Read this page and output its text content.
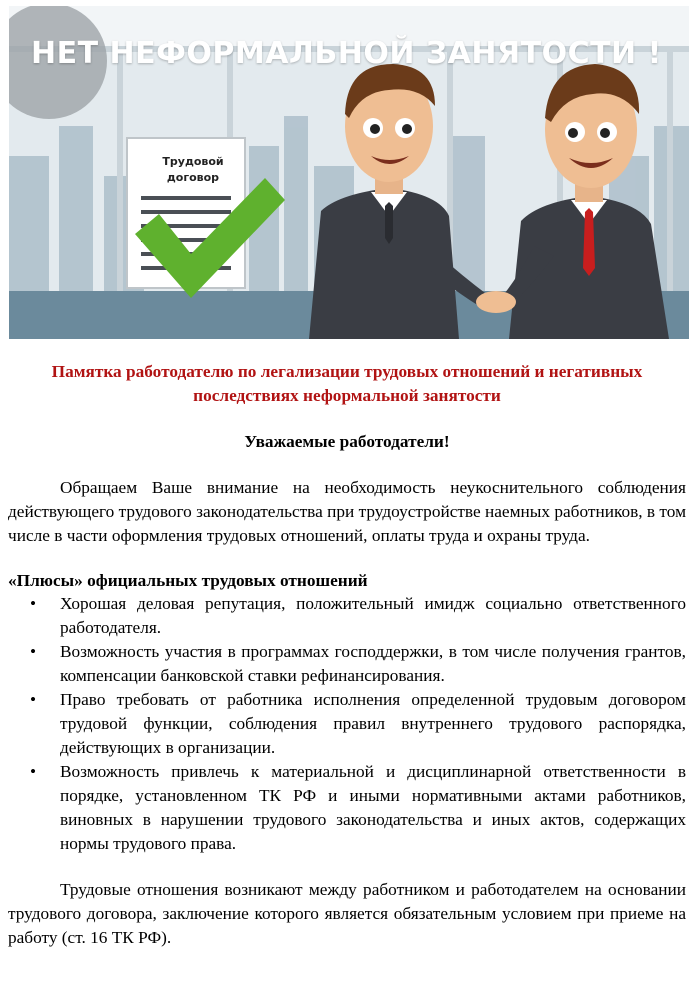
НЕТ НЕФОРМАЛЬНОЙ ЗАНЯТОСТИ !
Трудовой договор
Памятка работодателю по легализации трудовых отношений и негативных последствиях неформальной занятости
Уважаемые работодатели!

Обращаем Ваше внимание на необходимость неукоснительного соблюдения действующего трудового законодательства при трудоустройстве наемных работников, в том числе в части оформления трудовых отношений, оплаты труда и охраны труда.

«Плюсы» официальных трудовых отношений
• Хорошая деловая репутация, положительный имидж социально ответственного работодателя.
• Возможность участия в программах господдержки, в том числе получения грантов, компенсации банковской ставки рефинансирования.
• Право требовать от работника исполнения определенной трудовым договором трудовой функции, соблюдения правил внутреннего трудового распорядка, действующих в организации.
• Возможность привлечь к материальной и дисциплинарной ответственности в порядке, установленном ТК РФ и иными нормативными актами работников, виновных в нарушении трудового законодательства и иных актов, содержащих нормы трудового права.

Трудовые отношения возникают между работником и работодателем на основании трудового договора, заключение которого является обязательным условием при приеме на работу (ст. 16 ТК РФ).
